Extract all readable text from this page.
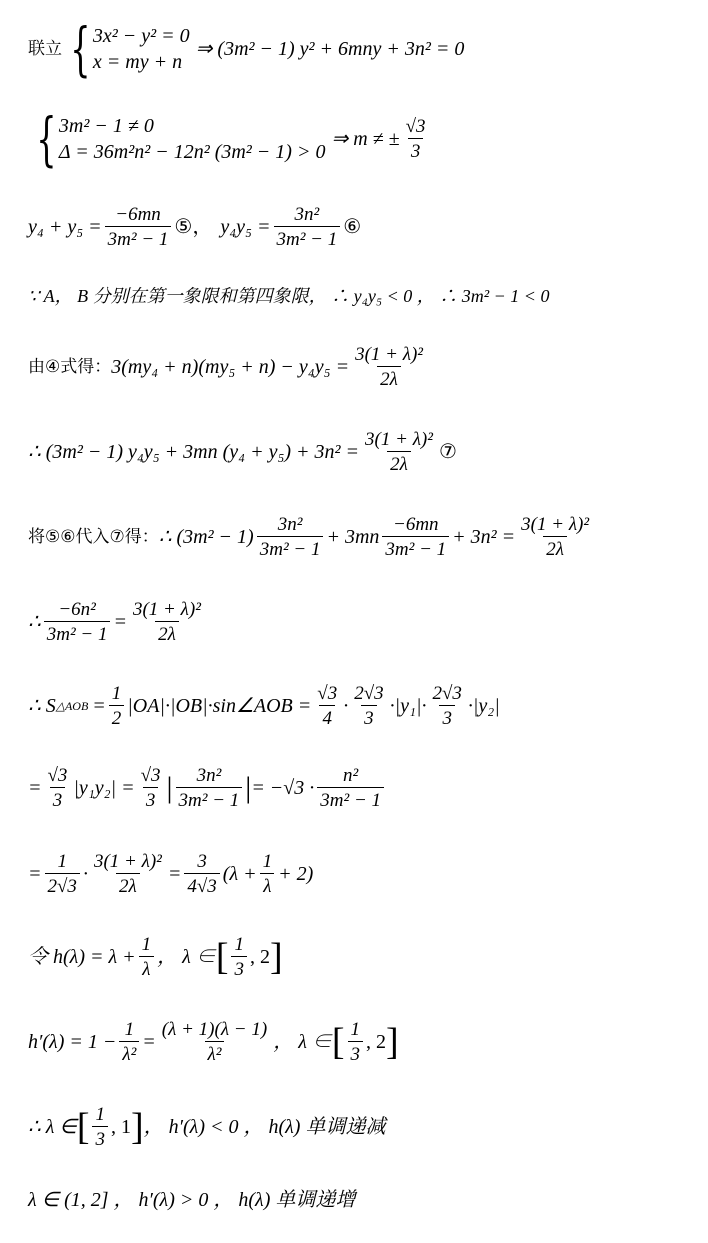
联立 { 3x² − y² = 0
x = my + n
⇒ (3m² − 1) y² + 6mny + 3n² = 0
{ 3m² − 1 ≠ 0
Δ = 36m²n² − 12n² (3m² − 1) > 0
⇒ m ≠ ± $\frac{√3}{3}$
$y_4 + y_5 = \frac{-6mn}{\text{3m² − 1}}$ ⑤， $y_4y_5 = \frac{\text{3n²}}{\text{3m² − 1}}$ ⑥
∵ A， B 分别在第一象限和第四象限， ∴ y₄y₅ < 0 ， ∴ 3m² − 1 < 0
由④式得： $3(my_4 + n)(my_5 + n) - y_4y_5 = \frac{\text{3(1 + λ)²}}{2\lambda}$
∴ (3m² − 1) y₄y₅ + 3mn $(y_4 + y_5) + 3n^2 = \frac{\text{3(1 + λ)²}}{2\lambda}$ ⑦
将⑤⑥代入⑦得： ∴ $(3m^2 - 1) \frac{\text{3n²}}{\text{3m² − 1}} + 3mn \frac{-6mn}{\text{3m² − 1}} + 3n^2 = \frac{\text{3(1 + λ)²}}{2\lambda}$
∴ $\frac{\text{−6n²}}{\text{3m² − 1}} = \frac{\text{3(1 + λ)²}}{2\lambda}$
∴ S △AOB = $\frac{1}{2}$ |OA|·|OB|·sin∠AOB = $\frac{√3}{4} \cdot \frac{2√3}{3} \cdot|y_1|\cdot \frac{2√3}{3} \cdot|y_2|$
= $\frac{√3}{3} |y_1y_2| = \frac{√3}{3}$ | $\frac{\text{3n²}}{\text{3m² − 1}}$ | = $-√3 \cdot \frac{\text{n²}}{\text{3m² − 1}}$
= $\frac{1}{2√3} \cdot \frac{\text{3(1 + λ)²}}{2\lambda} = \frac{3}{4√3} (\lambda + \frac{1}{\lambda} + 2)$
令 $h(\lambda) = \lambda + \frac{1}{\lambda}$ ， λ ∈ [ $\frac{1}{3}$ , 2 ]
$h'(\lambda) = 1 - \frac{1}{\text{λ²}} = \frac{(\lambda + 1)(\lambda - 1)}{\text{λ²}}$ ， λ ∈ [ $\frac{1}{3}$ , 2 ]
∴ λ ∈ [ $\frac{1}{3}$ , 1 ] ， h′(λ) < 0 ， h(λ) 单调递减
λ ∈ (1, 2] ， h′(λ) > 0 ， h(λ) 单调递增
